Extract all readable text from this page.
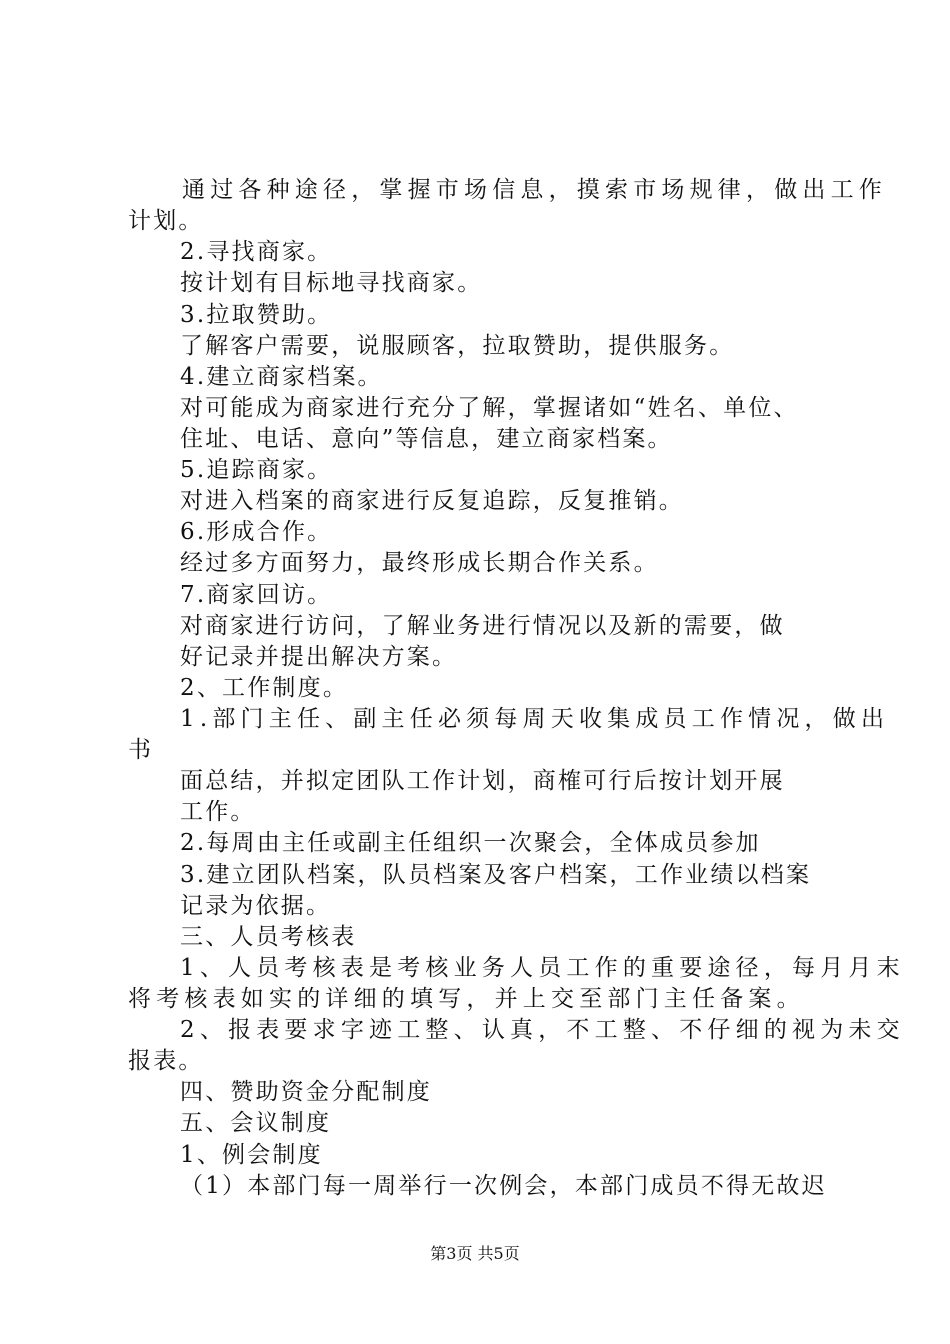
通过各种途径，掌握市场信息，摸索市场规律，做出工作
计划。
2.寻找商家。
按计划有目标地寻找商家。
3.拉取赞助。
了解客户需要，说服顾客，拉取赞助，提供服务。
4.建立商家档案。
对可能成为商家进行充分了解，掌握诸如“姓名、单位、
住址、电话、意向”等信息，建立商家档案。
5.追踪商家。
对进入档案的商家进行反复追踪，反复推销。
6.形成合作。
经过多方面努力，最终形成长期合作关系。
7.商家回访。
对商家进行访问，了解业务进行情况以及新的需要，做
好记录并提出解决方案。
2、工作制度。
1.部门主任、副主任必须每周天收集成员工作情况，做出
书
面总结，并拟定团队工作计划，商榷可行后按计划开展
工作。
2.每周由主任或副主任组织一次聚会，全体成员参加
3.建立团队档案，队员档案及客户档案，工作业绩以档案
记录为依据。
三、人员考核表
1、人员考核表是考核业务人员工作的重要途径，每月月末
将考核表如实的详细的填写，并上交至部门主任备案。
2、报表要求字迹工整、认真，不工整、不仔细的视为未交
报表。
四、赞助资金分配制度
五、会议制度
1、例会制度
（1）本部门每一周举行一次例会，本部门成员不得无故迟
第3页 共5页
